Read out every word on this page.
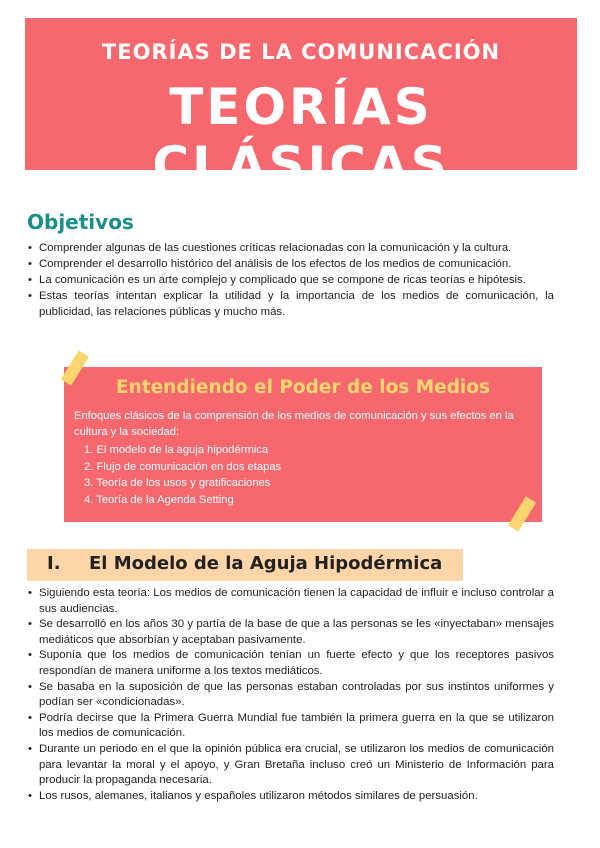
TEORÍAS DE LA COMUNICACIÓN
TEORÍAS CLÁSICAS
Objetivos
• Comprender algunas de las cuestiones críticas relacionadas con la comunicación y la cultura.
• Comprender el desarrollo histórico del análisis de los efectos de los medios de comunicación.
• La comunicación es un arte complejo y complicado que se compone de ricas teorías e hipótesis.
• Estas teorías intentan explicar la utilidad y la importancia de los medios de comunicación, la publicidad, las relaciones públicas y mucho más.
Entendiendo el Poder de los Medios
Enfoques clásicos de la comprensión de los medios de comunicación y sus efectos en la cultura y la sociedad:
1. El modelo de la aguja hipodérmica
2. Flujo de comunicación en dos etapas
3. Teoría de los usos y gratificaciones
4. Teoría de la Agenda Setting
I. El Modelo de la Aguja Hipodérmica
• Siguiendo esta teoría: Los medios de comunicación tienen la capacidad de influir e incluso controlar a sus audiencias.
• Se desarrolló en los años 30 y partía de la base de que a las personas se les «inyectaban» mensajes mediáticos que absorbían y aceptaban pasivamente.
• Suponía que los medios de comunicación tenían un fuerte efecto y que los receptores pasivos respondían de manera uniforme a los textos mediáticos.
• Se basaba en la suposición de que las personas estaban controladas por sus instintos uniformes y podían ser «condicionadas».
• Podría decirse que la Primera Guerra Mundial fue también la primera guerra en la que se utilizaron los medios de comunicación.
• Durante un periodo en el que la opinión pública era crucial, se utilizaron los medios de comunicación para levantar la moral y el apoyo, y Gran Bretaña incluso creó un Ministerio de Información para producir la propaganda necesaria.
• Los rusos, alemanes, italianos y españoles utilizaron métodos similares de persuasión.
